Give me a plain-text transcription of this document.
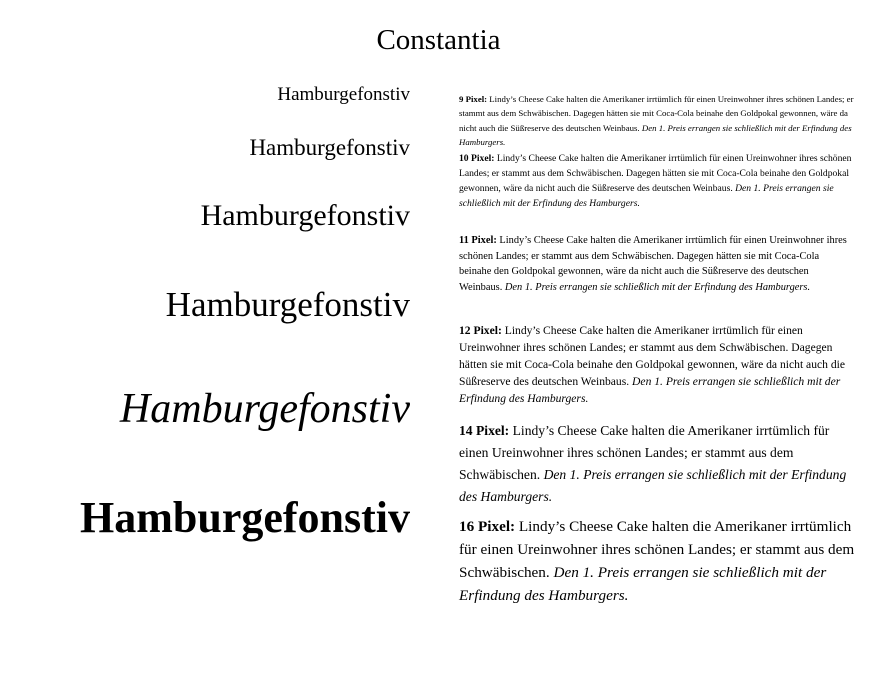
Constantia
Hamburgefonstiv
Hamburgefonstiv
Hamburgefonstiv
Hamburgefonstiv
Hamburgefonstiv
Hamburgefonstiv

9 Pixel: Lindy’s Cheese Cake halten die Amerikaner irrtümlich für einen Ureinwohner ihres schönen Landes; er stammt aus dem Schwäbischen. Dagegen hätten sie mit Coca-Cola beinahe den Goldpokal gewonnen, wäre da nicht auch die Süßreserve des deutschen Weinbaus. Den 1. Preis errangen sie schließlich mit der Erfindung des Hamburgers.

10 Pixel: Lindy’s Cheese Cake halten die Amerikaner irrtümlich für einen Ureinwohner ihres schönen Landes; er stammt aus dem Schwäbischen. Dagegen hätten sie mit Coca-Cola beinahe den Goldpokal gewonnen, wäre da nicht auch die Süßreserve des deutschen Weinbaus. Den 1. Preis errangen sie schließlich mit der Erfindung des Hamburgers.

11 Pixel: Lindy’s Cheese Cake halten die Amerikaner irrtümlich für einen Ureinwohner ihres schönen Landes; er stammt aus dem Schwäbischen. Dagegen hätten sie mit Coca-Cola beinahe den Goldpokal gewonnen, wäre da nicht auch die Süßreserve des deutschen Weinbaus. Den 1. Preis errangen sie schließlich mit der Erfindung des Hamburgers.

12 Pixel: Lindy’s Cheese Cake halten die Amerikaner irrtümlich für einen Ureinwohner ihres schönen Landes; er stammt aus dem Schwäbischen. Dagegen hätten sie mit Coca-Cola beinahe den Goldpokal gewonnen, wäre da nicht auch die Süßreserve des deutschen Weinbaus. Den 1. Preis errangen sie schließlich mit der Erfindung des Hamburgers.

14 Pixel: Lindy’s Cheese Cake halten die Amerikaner irrtümlich für einen Ureinwohner ihres schönen Landes; er stammt aus dem Schwäbischen. Den 1. Preis errangen sie schließlich mit der Erfindung des Hamburgers.

16 Pixel: Lindy’s Cheese Cake halten die Amerikaner irrtümlich für einen Ureinwohner ihres schönen Landes; er stammt aus dem Schwäbischen. Den 1. Preis errangen sie schließlich mit der Erfindung des Hamburgers.
